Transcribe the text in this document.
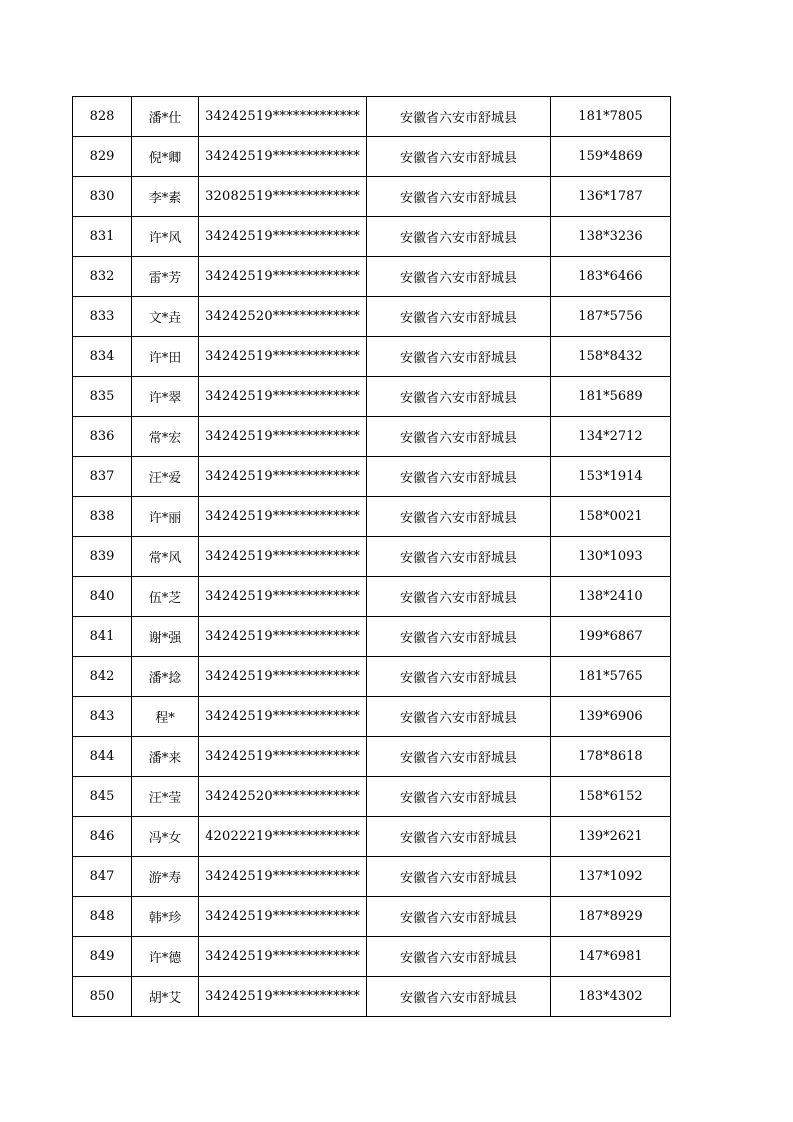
828	潘*仕	34242519*************	安徽省六安市舒城县	181*7805
829	倪*卿	34242519*************	安徽省六安市舒城县	159*4869
830	李*素	32082519*************	安徽省六安市舒城县	136*1787
831	许*风	34242519*************	安徽省六安市舒城县	138*3236
832	雷*芳	34242519*************	安徽省六安市舒城县	183*6466
833	文*垚	34242520*************	安徽省六安市舒城县	187*5756
834	许*田	34242519*************	安徽省六安市舒城县	158*8432
835	许*翠	34242519*************	安徽省六安市舒城县	181*5689
836	常*宏	34242519*************	安徽省六安市舒城县	134*2712
837	汪*爱	34242519*************	安徽省六安市舒城县	153*1914
838	许*丽	34242519*************	安徽省六安市舒城县	158*0021
839	常*风	34242519*************	安徽省六安市舒城县	130*1093
840	伍*芝	34242519*************	安徽省六安市舒城县	138*2410
841	谢*强	34242519*************	安徽省六安市舒城县	199*6867
842	潘*捻	34242519*************	安徽省六安市舒城县	181*5765
843	程*	34242519*************	安徽省六安市舒城县	139*6906
844	潘*来	34242519*************	安徽省六安市舒城县	178*8618
845	汪*莹	34242520*************	安徽省六安市舒城县	158*6152
846	冯*女	42022219*************	安徽省六安市舒城县	139*2621
847	游*寿	34242519*************	安徽省六安市舒城县	137*1092
848	韩*珍	34242519*************	安徽省六安市舒城县	187*8929
849	许*德	34242519*************	安徽省六安市舒城县	147*6981
850	胡*艾	34242519*************	安徽省六安市舒城县	183*4302
